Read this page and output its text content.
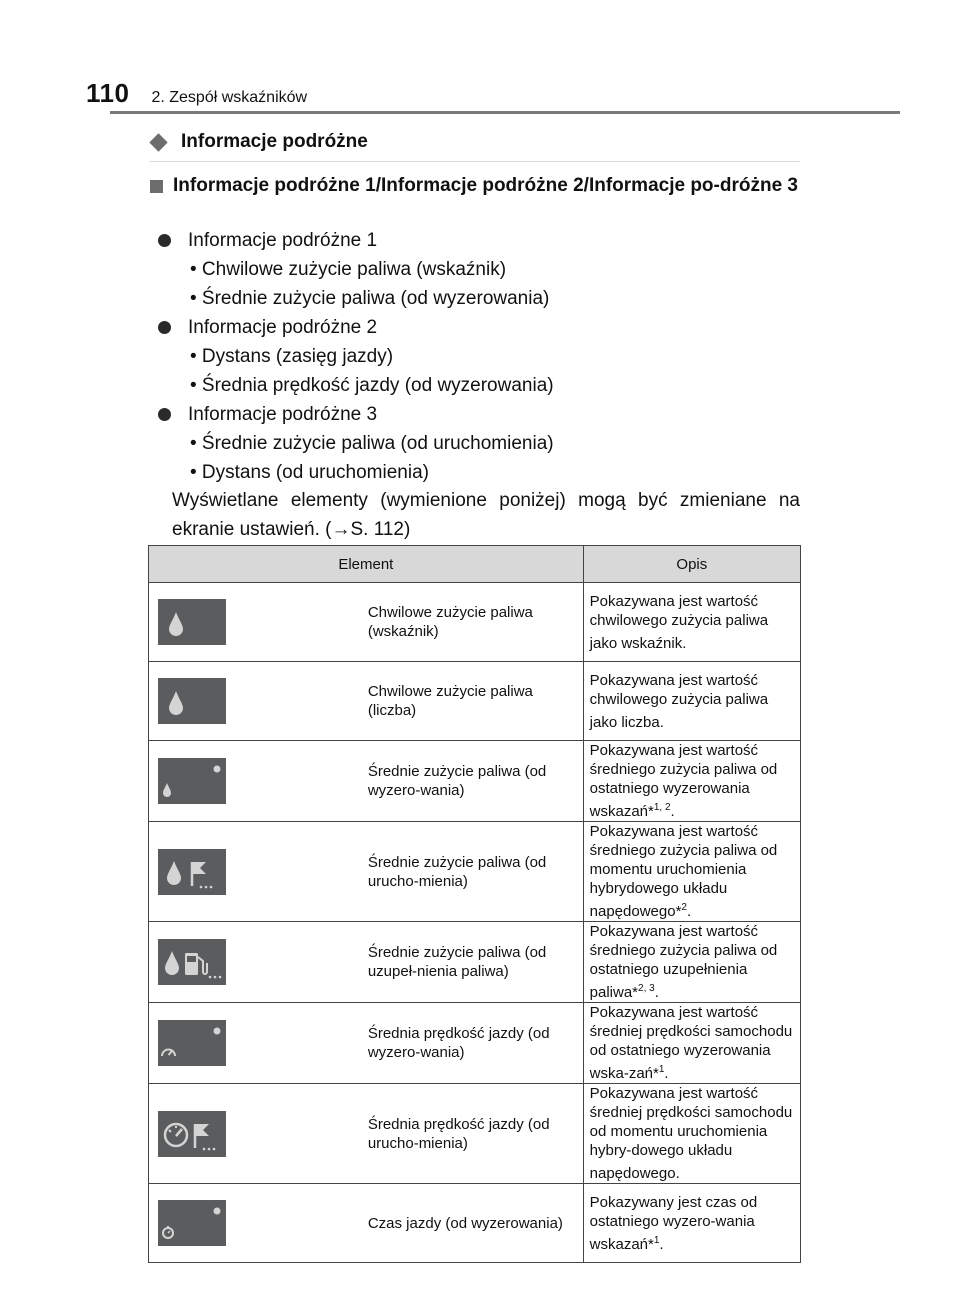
110 2. Zespół wskaźników
Informacje podróżne
Informacje podróżne 1/Informacje podróżne 2/Informacje po-dróżne 3
Informacje podróżne 1
• Chwilowe zużycie paliwa (wskaźnik)
• Średnie zużycie paliwa (od wyzerowania)
Informacje podróżne 2
• Dystans (zasięg jazdy)
• Średnia prędkość jazdy (od wyzerowania)
Informacje podróżne 3
• Średnie zużycie paliwa (od uruchomienia)
• Dystans (od uruchomienia)
Wyświetlane elementy (wymienione poniżej) mogą być zmieniane na ekranie ustawień. (→S. 112)
Element		Opis

	Chwilowe zużycie paliwa (wskaźnik)	Pokazywana jest wartość chwilowego zużycia paliwa jako wskaźnik.

	Chwilowe zużycie paliwa (liczba)	Pokazywana jest wartość chwilowego zużycia paliwa jako liczba.

	Średnie zużycie paliwa (od wyzero-wania)	Pokazywana jest wartość średniego zużycia paliwa od ostatniego wyzerowania wskazań*$^{1, 2}$.

	Średnie zużycie paliwa (od urucho-mienia)	Pokazywana jest wartość średniego zużycia paliwa od momentu uruchomienia hybrydowego układu napędowego*$^2$.

	Średnie zużycie paliwa (od uzupeł-nienia paliwa)	Pokazywana jest wartość średniego zużycia paliwa od ostatniego uzupełnienia paliwa*$^{2, 3}$.

	Średnia prędkość jazdy (od wyzero-wania)	Pokazywana jest wartość średniej prędkości samochodu od ostatniego wyzerowania wska-zań*$^1$.

	Średnia prędkość jazdy (od urucho-mienia)	Pokazywana jest wartość średniej prędkości samochodu od momentu uruchomienia hybry-dowego układu napędowego.

	Czas jazdy (od wyzerowania)	Pokazywany jest czas od ostatniego wyzero-wania wskazań*$^1$.
